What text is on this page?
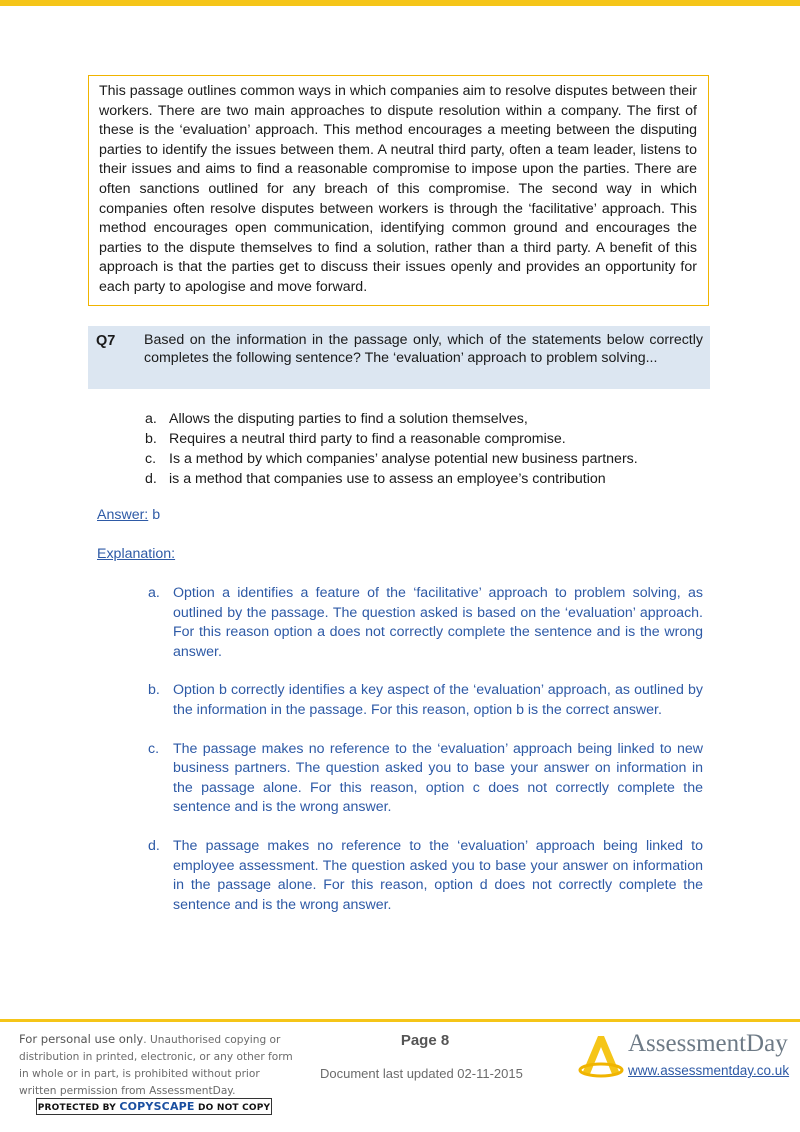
This passage outlines common ways in which companies aim to resolve disputes between their workers. There are two main approaches to dispute resolution within a company. The first of these is the ‘evaluation’ approach. This method encourages a meeting between the disputing parties to identify the issues between them. A neutral third party, often a team leader, listens to their issues and aims to find a reasonable compromise to impose upon the parties. There are often sanctions outlined for any breach of this compromise. The second way in which companies often resolve disputes between workers is through the ‘facilitative’ approach. This method encourages open communication, identifying common ground and encourages the parties to the dispute themselves to find a solution, rather than a third party. A benefit of this approach is that the parties get to discuss their issues openly and provides an opportunity for each party to apologise and move forward.
Q7 Based on the information in the passage only, which of the statements below correctly completes the following sentence? The ‘evaluation’ approach to problem solving...
a. Allows the disputing parties to find a solution themselves,
b. Requires a neutral third party to find a reasonable compromise.
c. Is a method by which companies’ analyse potential new business partners.
d. is a method that companies use to assess an employee’s contribution
Answer: b
Explanation:
a. Option a identifies a feature of the ‘facilitative’ approach to problem solving, as outlined by the passage. The question asked is based on the ‘evaluation’ approach. For this reason option a does not correctly complete the sentence and is the wrong answer.
b. Option b correctly identifies a key aspect of the ‘evaluation’ approach, as outlined by the information in the passage. For this reason, option b is the correct answer.
c. The passage makes no reference to the ‘evaluation’ approach being linked to new business partners. The question asked you to base your answer on information in the passage alone. For this reason, option c does not correctly complete the sentence and is the wrong answer.
d. The passage makes no reference to the ‘evaluation’ approach being linked to employee assessment. The question asked you to base your answer on information in the passage alone. For this reason, option d does not correctly complete the sentence and is the wrong answer.
For personal use only. Unauthorised copying or distribution in printed, electronic, or any other form in whole or in part, is prohibited without prior written permission from AssessmentDay.
PROTECTED BY COPYSCAPE DO NOT COPY
Page 8
Document last updated 02-11-2015
AssessmentDay
www.assessmentday.co.uk
